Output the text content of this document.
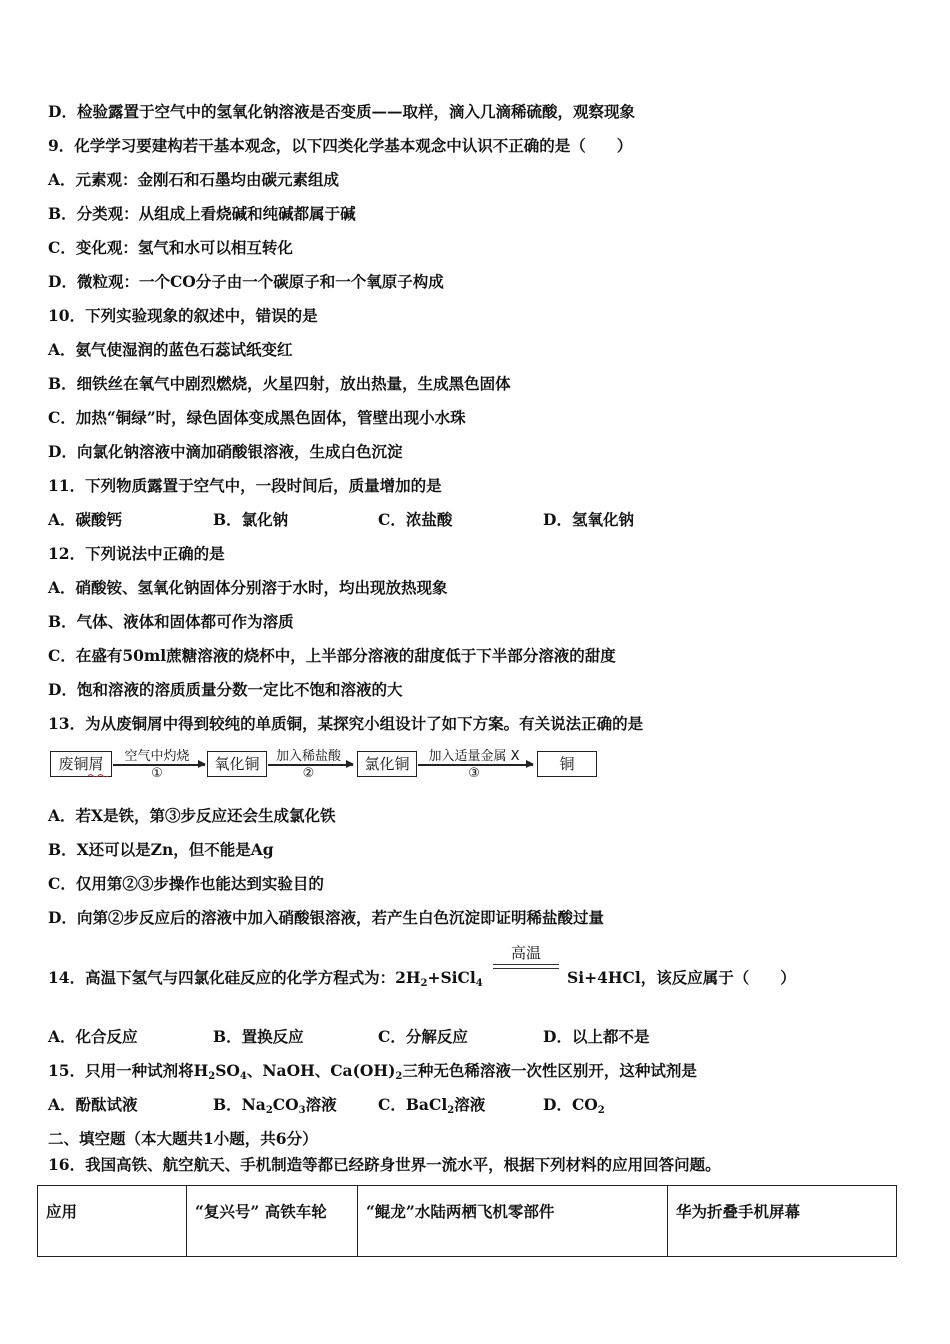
D．检验露置于空气中的氢氧化钠溶液是否变质——取样，滴入几滴稀硫酸，观察现象
9．化学学习要建构若干基本观念，以下四类化学基本观念中认识不正确的是（　　）
A．元素观：金刚石和石墨均由碳元素组成
B．分类观：从组成上看烧碱和纯碱都属于碱
C．变化观：氢气和水可以相互转化
D．微粒观：一个CO分子由一个碳原子和一个氧原子构成
10．下列实验现象的叙述中，错误的是
A．氨气使湿润的蓝色石蕊试纸变红
B．细铁丝在氧气中剧烈燃烧，火星四射，放出热量，生成黑色固体
C．加热“铜绿”时，绿色固体变成黑色固体，管壁出现小水珠
D．向氯化钠溶液中滴加硝酸银溶液，生成白色沉淀
11．下列物质露置于空气中，一段时间后，质量增加的是
A．碳酸钙	B．氯化钠	C．浓盐酸	D．氢氧化钠
12．下列说法中正确的是
A．硝酸铵、氢氧化钠固体分别溶于水时，均出现放热现象
B．气体、液体和固体都可作为溶质
C．在盛有50ml蔗糖溶液的烧杯中，上半部分溶液的甜度低于下半部分溶液的甜度
D．饱和溶液的溶质质量分数一定比不饱和溶液的大
13．为从废铜屑中得到较纯的单质铜，某探究小组设计了如下方案。有关说法正确的是
废铜屑	空气中灼烧
①
氧化铜	加入稀盐酸
②
氯化铜	加入适量金属 X
③
铜
A．若X是铁，第③步反应还会生成氯化铁
B．X还可以是Zn，但不能是Ag
C．仅用第②③步操作也能达到实验目的
D．向第②步反应后的溶液中加入硝酸银溶液，若产生白色沉淀即证明稀盐酸过量
14．高温下氢气与四氯化硅反应的化学方程式为：$2H_2+SiCl_4$
高温
Si+4HCl，该反应属于（　　）
A．化合反应	B．置换反应	C．分解反应	D．以上都不是
15．只用一种试剂将$H_2SO_4$、NaOH、$Ca(OH)_2$三种无色稀溶液一次性区别开，这种试剂是
A．酚酞试液	B．$Na_2CO_3$溶液	C．BaCl$_2$溶液	D．$CO_2$
二、填空题（本大题共1小题，共6分）
16．我国高铁、航空航天、手机制造等都已经跻身世界一流水平，根据下列材料的应用回答问题。
应用	“复兴号” 高铁车轮	“鲲龙”水陆两栖飞机零部件	华为折叠手机屏幕
